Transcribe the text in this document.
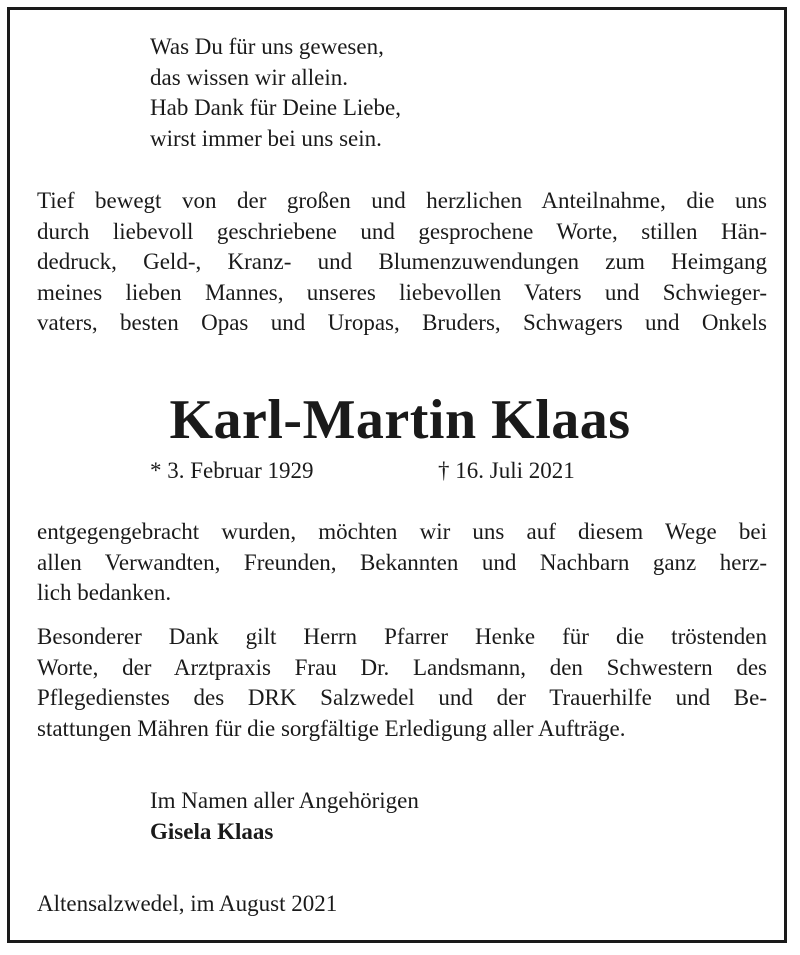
Was Du für uns gewesen,
das wissen wir allein.
Hab Dank für Deine Liebe,
wirst immer bei uns sein.
Tief bewegt von der großen und herzlichen Anteilnahme, die uns
durch liebevoll geschriebene und gesprochene Worte, stillen Hän-
dedruck, Geld-, Kranz- und Blumenzuwendungen zum Heimgang
meines lieben Mannes, unseres liebevollen Vaters und Schwieger-
vaters, besten Opas und Uropas, Bruders, Schwagers und Onkels
Karl-Martin Klaas
* 3. Februar 1929	† 16. Juli 2021
entgegengebracht wurden, möchten wir uns auf diesem Wege bei
allen Verwandten, Freunden, Bekannten und Nachbarn ganz herz-
lich bedanken.
Besonderer Dank gilt Herrn Pfarrer Henke für die tröstenden
Worte, der Arztpraxis Frau Dr. Landsmann, den Schwestern des
Pflegedienstes des DRK Salzwedel und der Trauerhilfe und Be-
stattungen Mähren für die sorgfältige Erledigung aller Aufträge.
Im Namen aller Angehörigen
Gisela Klaas
Altensalzwedel, im August 2021
